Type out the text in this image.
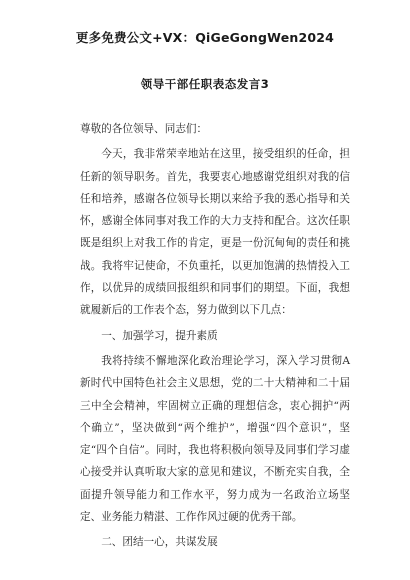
更多免费公文+VX：QiGeGongWen2024
领导干部任职表态发言3

尊敬的各位领导、同志们：

今天，我非常荣幸地站在这里，接受组织的任命，担任新的领导职务。首先，我要衷心地感谢党组织对我的信任和培养，感谢各位领导长期以来给予我的悉心指导和关怀，感谢全体同事对我工作的大力支持和配合。这次任职既是组织上对我工作的肯定，更是一份沉甸甸的责任和挑战。我将牢记使命，不负重托，以更加饱满的热情投入工作，以优异的成绩回报组织和同事们的期望。下面，我想就履新后的工作表个态，努力做到以下几点：

一、加强学习，提升素质

我将持续不懈地深化政治理论学习，深入学习贯彻A新时代中国特色社会主义思想，党的二十大精神和二十届三中全会精神，牢固树立正确的理想信念，衷心拥护“两个确立”，坚决做到“两个维护”，增强“四个意识”，坚定“四个自信”。同时，我也将积极向领导及同事们学习虚心接受并认真听取大家的意见和建议，不断充实自我，全面提升领导能力和工作水平，努力成为一名政治立场坚定、业务能力精湛、工作作风过硬的优秀干部。

二、团结一心，共谋发展
